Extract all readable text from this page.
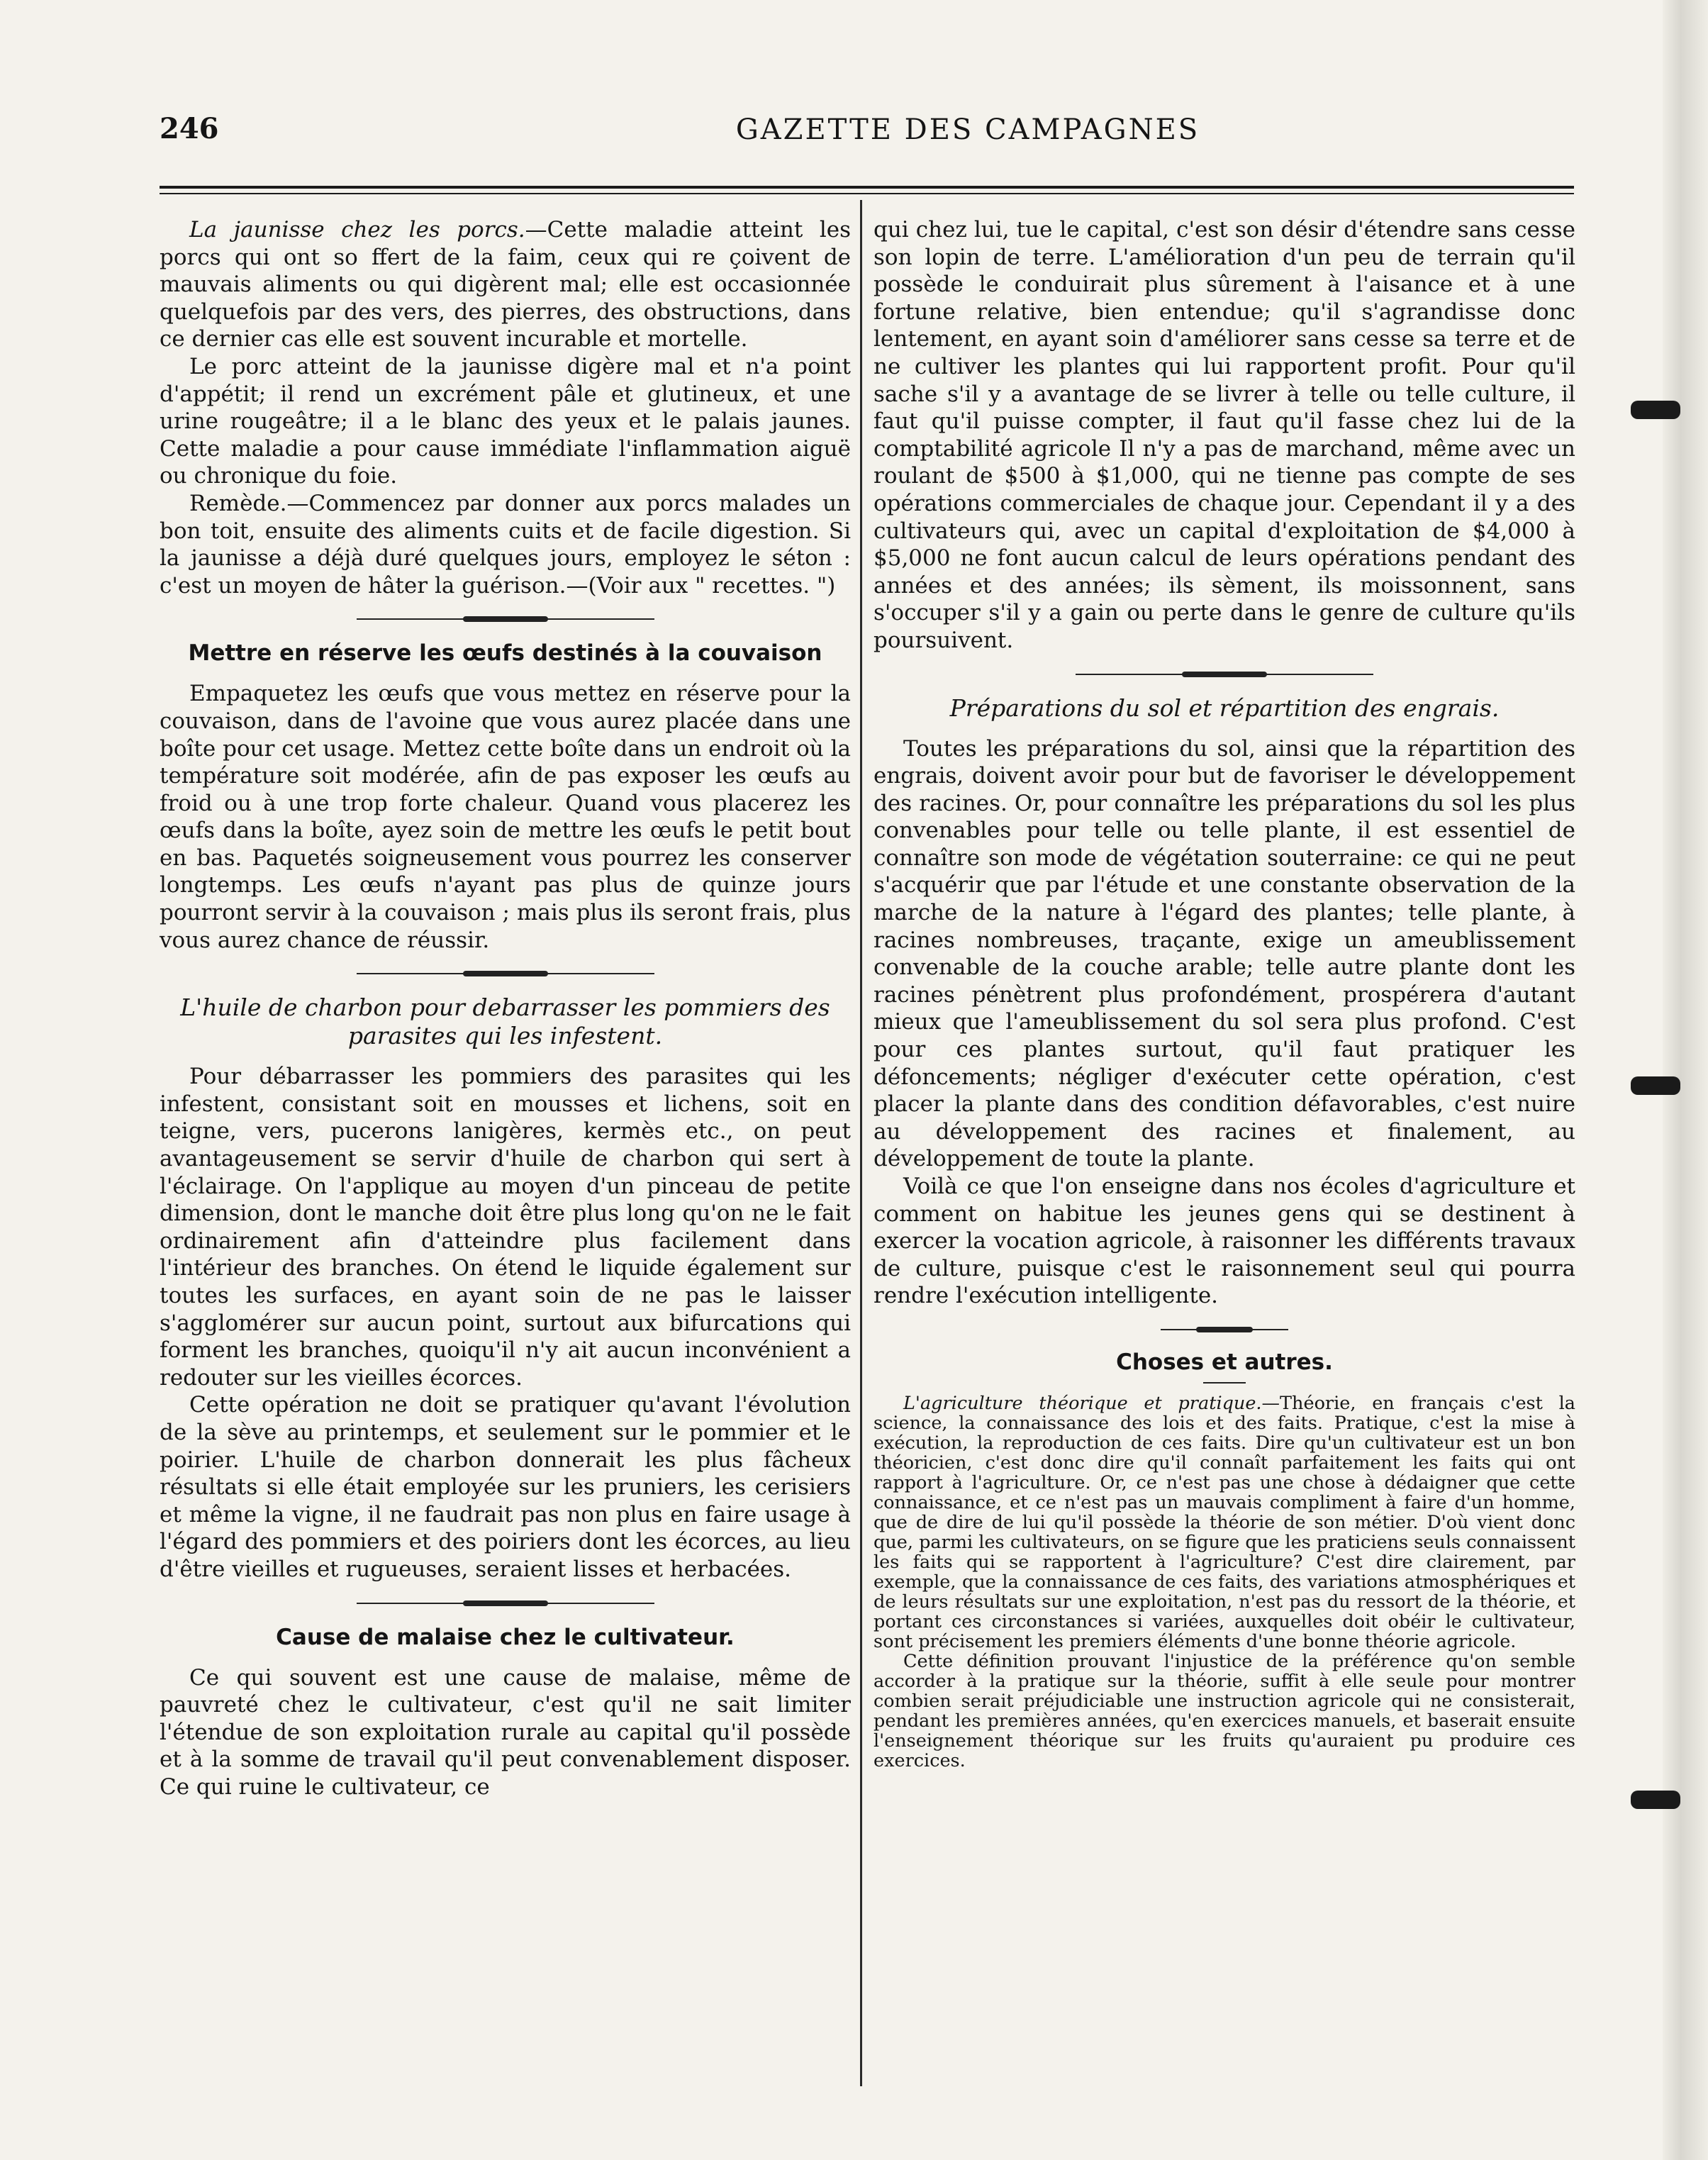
246	GAZETTE DES CAMPAGNES

La jaunisse chez les porcs.—Cette maladie atteint les porcs qui ont so ffert de la faim, ceux qui re çoivent de mauvais aliments ou qui digèrent mal; elle est occasionnée quelquefois par des vers, des pierres, des obstructions, dans ce dernier cas elle est souvent incurable et mortelle.

Le porc atteint de la jaunisse digère mal et n'a point d'appétit; il rend un excrément pâle et glutineux, et une urine rougeâtre; il a le blanc des yeux et le palais jaunes. Cette maladie a pour cause immédiate l'inflammation aiguë ou chronique du foie.

Remède.—Commencez par donner aux porcs malades un bon toit, ensuite des aliments cuits et de facile digestion. Si la jaunisse a déjà duré quelques jours, employez le séton : c'est un moyen de hâter la guérison.—(Voir aux " recettes. ")

Mettre en réserve les œufs destinés à la couvaison

Empaquetez les œufs que vous mettez en réserve pour la couvaison, dans de l'avoine que vous aurez placée dans une boîte pour cet usage. Mettez cette boîte dans un endroit où la température soit modérée, afin de pas exposer les œufs au froid ou à une trop forte chaleur. Quand vous placerez les œufs dans la boîte, ayez soin de mettre les œufs le petit bout en bas. Paquetés soigneusement vous pourrez les conserver longtemps. Les œufs n'ayant pas plus de quinze jours pourront servir à la couvaison ; mais plus ils seront frais, plus vous aurez chance de réussir.

L'huile de charbon pour debarrasser les pommiers des parasites qui les infestent.

Pour débarrasser les pommiers des parasites qui les infestent, consistant soit en mousses et lichens, soit en teigne, vers, pucerons lanigères, kermès etc., on peut avantageusement se servir d'huile de charbon qui sert à l'éclairage. On l'applique au moyen d'un pinceau de petite dimension, dont le manche doit être plus long qu'on ne le fait ordinairement afin d'atteindre plus facilement dans l'intérieur des branches. On étend le liquide également sur toutes les surfaces, en ayant soin de ne pas le laisser s'agglomérer sur aucun point, surtout aux bifurcations qui forment les branches, quoiqu'il n'y ait aucun inconvénient a redouter sur les vieilles écorces.

Cette opération ne doit se pratiquer qu'avant l'évolution de la sève au printemps, et seulement sur le pommier et le poirier. L'huile de charbon donnerait les plus fâcheux résultats si elle était employée sur les pruniers, les cerisiers et même la vigne, il ne faudrait pas non plus en faire usage à l'égard des pommiers et des poiriers dont les écorces, au lieu d'être vieilles et rugueuses, seraient lisses et herbacées.

Cause de malaise chez le cultivateur.

Ce qui souvent est une cause de malaise, même de pauvreté chez le cultivateur, c'est qu'il ne sait limiter l'étendue de son exploitation rurale au capital qu'il possède et à la somme de travail qu'il peut convenablement disposer. Ce qui ruine le cultivateur, ce

qui chez lui, tue le capital, c'est son désir d'étendre sans cesse son lopin de terre. L'amélioration d'un peu de terrain qu'il possède le conduirait plus sûrement à l'aisance et à une fortune relative, bien entendue; qu'il s'agrandisse donc lentement, en ayant soin d'améliorer sans cesse sa terre et de ne cultiver les plantes qui lui rapportent profit. Pour qu'il sache s'il y a avantage de se livrer à telle ou telle culture, il faut qu'il puisse compter, il faut qu'il fasse chez lui de la comptabilité agricole Il n'y a pas de marchand, même avec un roulant de $500 à $1,000, qui ne tienne pas compte de ses opérations commerciales de chaque jour. Cependant il y a des cultivateurs qui, avec un capital d'exploitation de $4,000 à $5,000 ne font aucun calcul de leurs opérations pendant des années et des années; ils sèment, ils moissonnent, sans s'occuper s'il y a gain ou perte dans le genre de culture qu'ils poursuivent.

Préparations du sol et répartition des engrais.

Toutes les préparations du sol, ainsi que la répartition des engrais, doivent avoir pour but de favoriser le développement des racines. Or, pour connaître les préparations du sol les plus convenables pour telle ou telle plante, il est essentiel de connaître son mode de végétation souterraine: ce qui ne peut s'acquérir que par l'étude et une constante observation de la marche de la nature à l'égard des plantes; telle plante, à racines nombreuses, traçante, exige un ameublissement convenable de la couche arable; telle autre plante dont les racines pénètrent plus profondément, prospérera d'autant mieux que l'ameublissement du sol sera plus profond. C'est pour ces plantes surtout, qu'il faut pratiquer les défoncements; négliger d'exécuter cette opération, c'est placer la plante dans des condition défavorables, c'est nuire au développement des racines et finalement, au développement de toute la plante.

Voilà ce que l'on enseigne dans nos écoles d'agriculture et comment on habitue les jeunes gens qui se destinent à exercer la vocation agricole, à raisonner les différents travaux de culture, puisque c'est le raisonnement seul qui pourra rendre l'exécution intelligente.

Choses et autres.

L'agriculture théorique et pratique.—Théorie, en français c'est la science, la connaissance des lois et des faits. Pratique, c'est la mise à exécution, la reproduction de ces faits. Dire qu'un cultivateur est un bon théoricien, c'est donc dire qu'il connaît parfaitement les faits qui ont rapport à l'agriculture. Or, ce n'est pas une chose à dédaigner que cette connaissance, et ce n'est pas un mauvais compliment à faire d'un homme, que de dire de lui qu'il possède la théorie de son métier. D'où vient donc que, parmi les cultivateurs, on se figure que les praticiens seuls connaissent les faits qui se rapportent à l'agriculture? C'est dire clairement, par exemple, que la connaissance de ces faits, des variations atmosphériques et de leurs résultats sur une exploitation, n'est pas du ressort de la théorie, et portant ces circonstances si variées, auxquelles doit obéir le cultivateur, sont précisement les premiers éléments d'une bonne théorie agricole.

Cette définition prouvant l'injustice de la préférence qu'on semble accorder à la pratique sur la théorie, suffit à elle seule pour montrer combien serait préjudiciable une instruction agricole qui ne consisterait, pendant les premières années, qu'en exercices manuels, et baserait ensuite l'enseignement théorique sur les fruits qu'auraient pu produire ces exercices.
